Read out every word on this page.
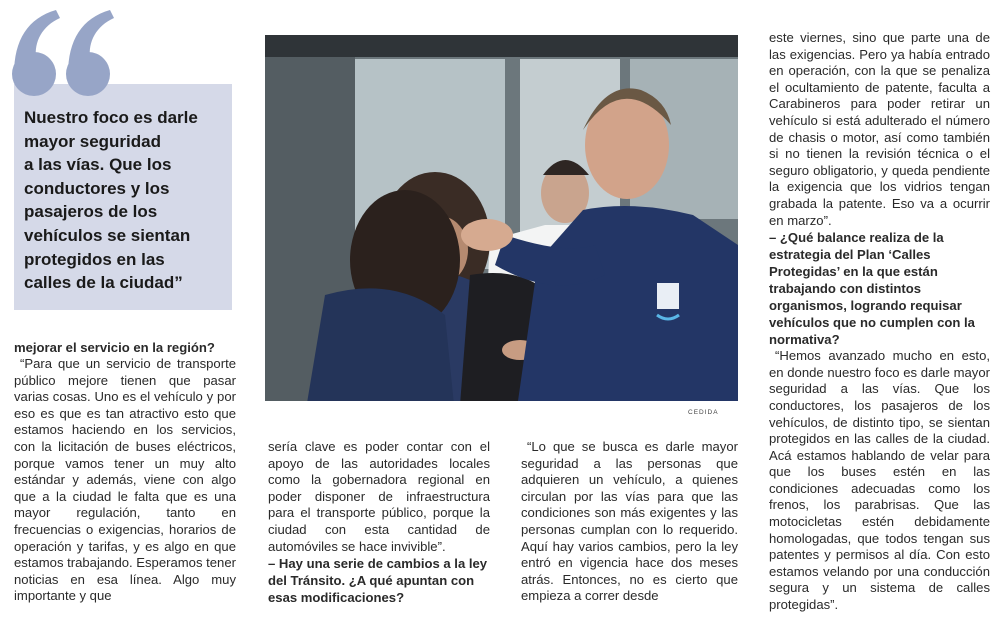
Nuestro foco es darle
mayor seguridad
a las vías. Que los
conductores y los
pasajeros de los
vehículos se sientan
protegidos en las
calles de la ciudad”

CEDIDA

mejorar el servicio en la región?

“Para que un servicio de transporte público mejore tienen que pasar varias cosas. Uno es el vehículo y por eso es que es tan atractivo esto que estamos haciendo en los servicios, con la licitación de buses eléctricos, porque vamos tener un muy alto estándar y además, viene con algo que a la ciudad le falta que es una mayor regulación, tanto en frecuencias o exigencias, horarios de operación y tarifas, y es algo en que estamos trabajando. Esperamos tener noticias en esa línea. Algo muy importante y que

sería clave es poder contar con el apoyo de las autoridades locales como la gobernadora regional en poder disponer de infraestructura para el transporte público, porque la ciudad con esta cantidad de automóviles se hace invivible”.

– Hay una serie de cambios a la ley del Tránsito. ¿A qué apuntan con esas modificaciones?

“Lo que se busca es darle mayor seguridad a las personas que adquieren un vehículo, a quienes circulan por las vías para que las condiciones son más exigentes y las personas cumplan con lo requerido. Aquí hay varios cambios, pero la ley entró en vigencia hace dos meses atrás. Entonces, no es cierto que empieza a correr desde

este viernes, sino que parte una de las exigencias. Pero ya había entrado en operación, con la que se penaliza el ocultamiento de patente, faculta a Carabineros para poder retirar un vehículo si está adulterado el número de chasis o motor, así como también si no tienen la revisión técnica o el seguro obligatorio, y queda pendiente la exigencia que los vidrios tengan grabada la patente. Eso va a ocurrir en marzo”.

– ¿Qué balance realiza de la estrategia del Plan ‘Calles Protegidas’ en la que están trabajando con distintos organismos, logrando requisar vehículos que no cumplen con la normativa?

“Hemos avanzado mucho en esto, en donde nuestro foco es darle mayor seguridad a las vías. Que los conductores, los pasajeros de los vehículos, de distinto tipo, se sientan protegidos en las calles de la ciudad. Acá estamos hablando de velar para que los buses estén en las condiciones adecuadas como los frenos, los parabrisas. Que las motocicletas estén debidamente homologadas, que todos tengan sus patentes y permisos al día. Con esto estamos velando por una conducción segura y un sistema de calles protegidas”.
